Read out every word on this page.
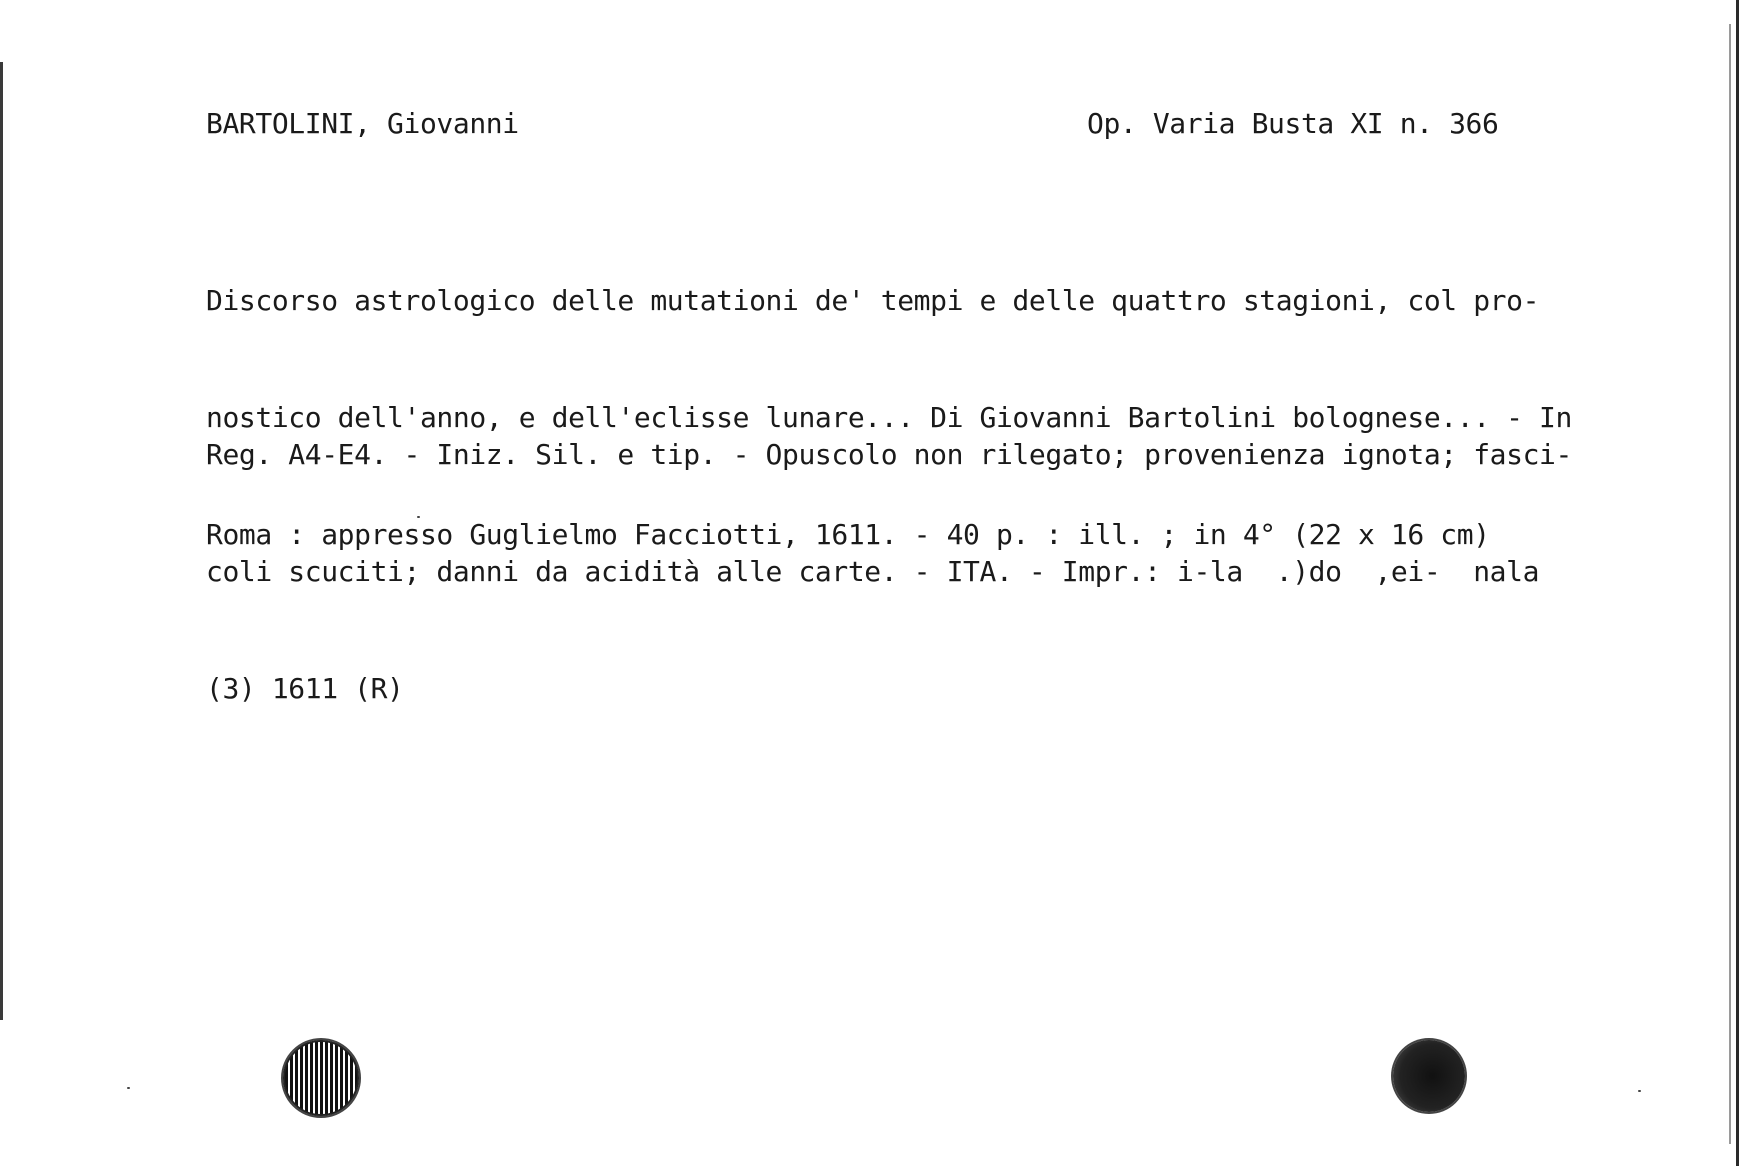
BARTOLINI, Giovanni	Op. Varia Busta XI n. 366

Discorso astrologico delle mutationi de' tempi e delle quattro stagioni, col pro-

nostico dell'anno, e dell'eclisse lunare... Di Giovanni Bartolini bolognese... - In

Roma : appresso Guglielmo Facciotti, 1611. - 40 p. : ill. ; in 4° (22 x 16 cm)

Reg. A4-E4. - Iniz. Sil. e tip. - Opuscolo non rilegato; provenienza ignota; fasci-

coli scuciti; danni da acidità alle carte. - ITA. - Impr.: i-la  .)do  ,ei-  nala

(3) 1611 (R)
